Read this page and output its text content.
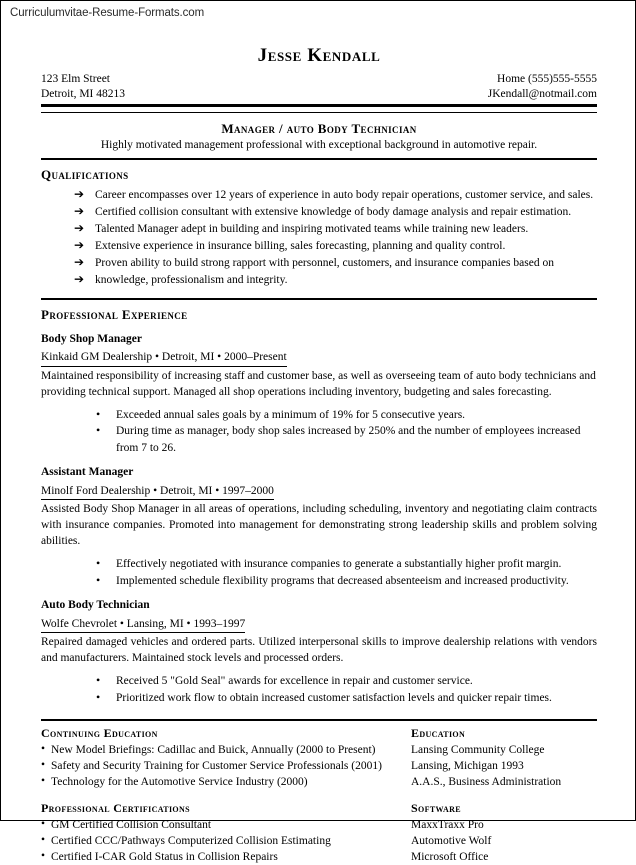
Curriculumvitae-Resume-Formats.com
Jesse Kendall
123 Elm Street
Detroit, MI 48213
Home (555)555-5555
JKendall@notmail.com
Manager / auto Body Technician
Highly motivated management professional with exceptional background in automotive repair.
Qualifications
➔ Career encompasses over 12 years of experience in auto body repair operations, customer service, and sales.
➔ Certified collision consultant with extensive knowledge of body damage analysis and repair estimation.
➔ Talented Manager adept in building and inspiring motivated teams while training new leaders.
➔ Extensive experience in insurance billing, sales forecasting, planning and quality control.
➔ Proven ability to build strong rapport with personnel, customers, and insurance companies based on
➔ knowledge, professionalism and integrity.
Professional Experience
Body Shop Manager
Kinkaid GM Dealership • Detroit, MI • 2000–Present

Maintained responsibility of increasing staff and customer base, as well as overseeing team of auto body technicians and providing technical support. Managed all shop operations including inventory, budgeting and sales forecasting.

• Exceeded annual sales goals by a minimum of 19% for 5 consecutive years.
• During time as manager, body shop sales increased by 250% and the number of employees increased from 7 to 26.
Assistant Manager
Minolf Ford Dealership • Detroit, MI • 1997–2000

Assisted Body Shop Manager in all areas of operations, including scheduling, inventory and negotiating claim contracts with insurance companies. Promoted into management for demonstrating strong leadership skills and problem solving abilities.

• Effectively negotiated with insurance companies to generate a substantially higher profit margin.
• Implemented schedule flexibility programs that decreased absenteeism and increased productivity.
Auto Body Technician
Wolfe Chevrolet • Lansing, MI • 1993–1997

Repaired damaged vehicles and ordered parts. Utilized interpersonal skills to improve dealership relations with vendors and manufacturers. Maintained stock levels and processed orders.

• Received 5 "Gold Seal" awards for excellence in repair and customer service.
• Prioritized work flow to obtain increased customer satisfaction levels and quicker repair times.
Continuing Education
• New Model Briefings: Cadillac and Buick, Annually (2000 to Present)
• Safety and Security Training for Customer Service Professionals (2001)
• Technology for the Automotive Service Industry (2000)
Professional Certifications
• GM Certified Collision Consultant
• Certified CCC/Pathways Computerized Collision Estimating
• Certified I-CAR Gold Status in Collision Repairs
Education
Lansing Community College
Lansing, Michigan 1993
A.A.S., Business Administration
Software
MaxxTraxx Pro
Automotive Wolf
Microsoft Office
